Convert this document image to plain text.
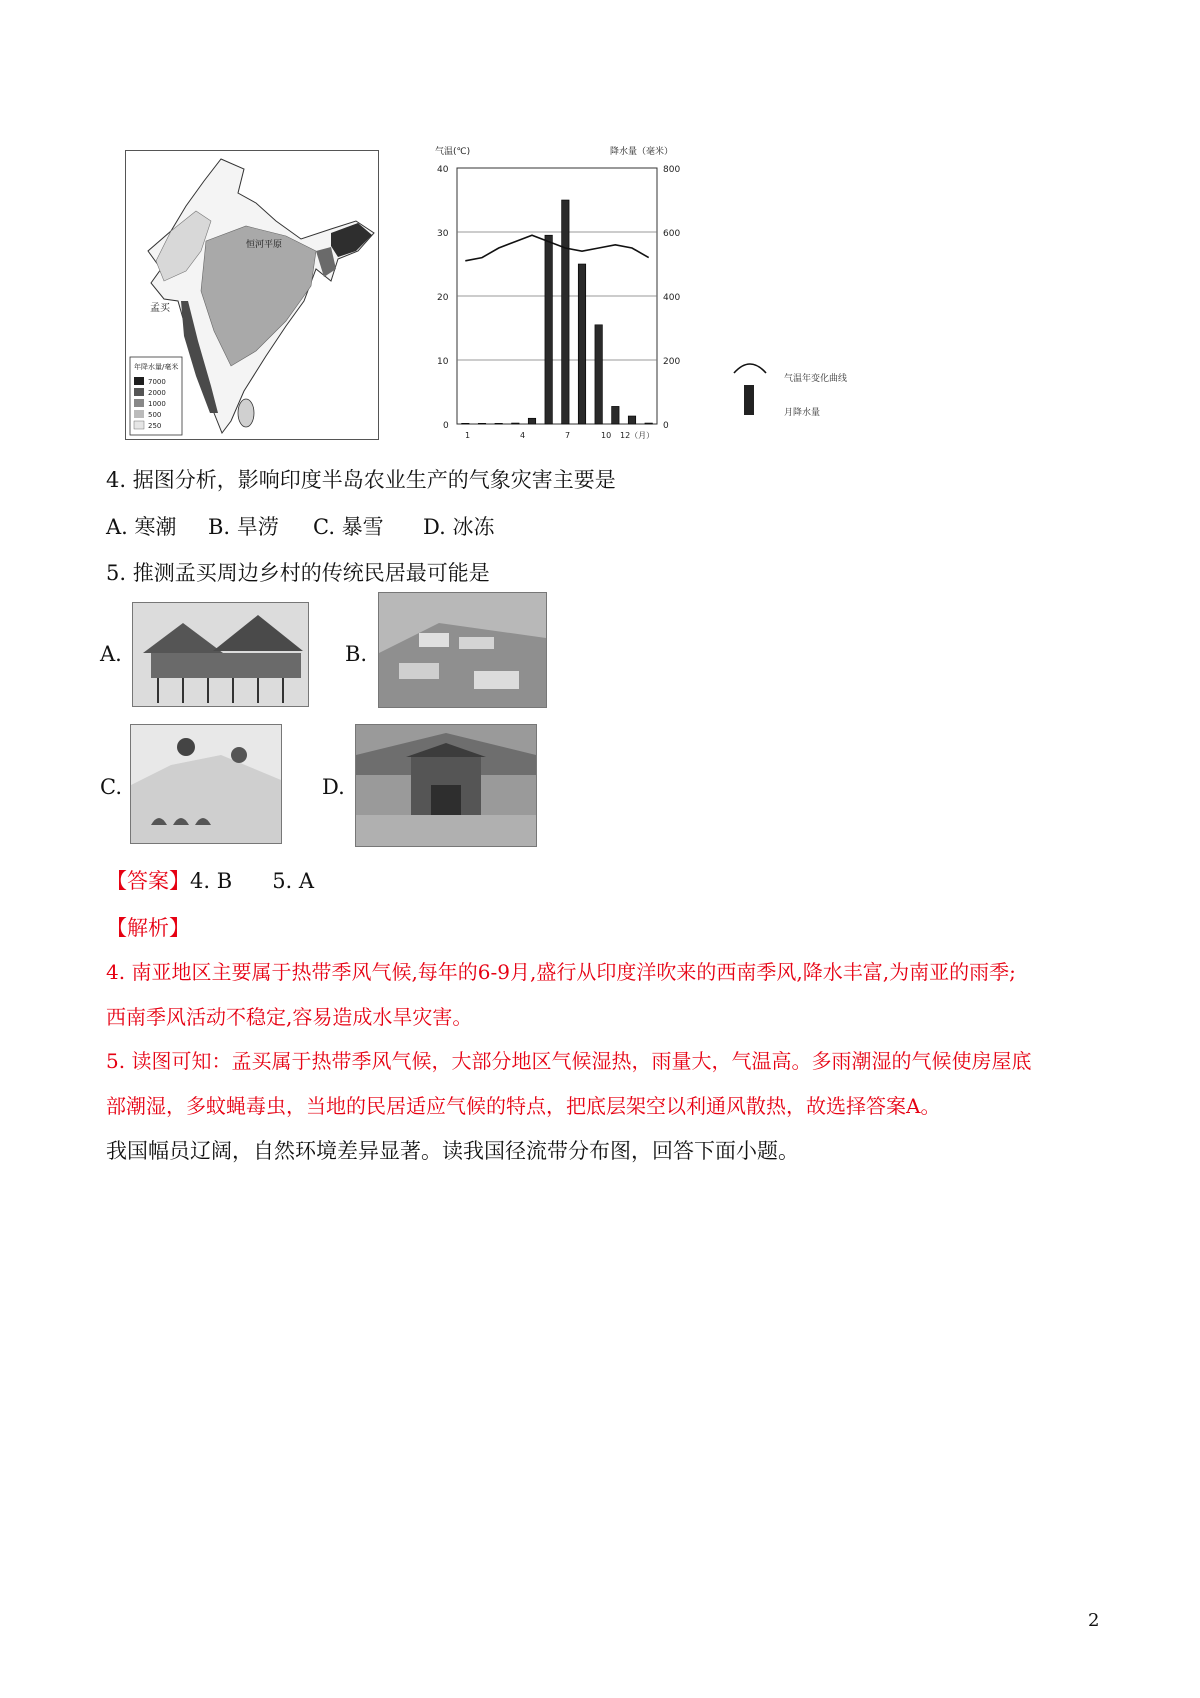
年降水量/毫米
7000
2000
1000
500
250
孟买
恒河平原
气温(℃)	降水量（毫米）
40
30
20
10
0
800
600
400
200
0
1	4	7	10 12（月）
气温年变化曲线
月降水量
4. 据图分析，影响印度半岛农业生产的气象灾害主要是
A. 寒潮 B. 旱涝 C. 暴雪 D. 冰冻
5. 推测孟买周边乡村的传统民居最可能是
A.	B.
C.	D.
【答案】4. B      5. A
【解析】
4. 南亚地区主要属于热带季风气候,每年的6-9月,盛行从印度洋吹来的西南季风,降水丰富,为南亚的雨季;
西南季风活动不稳定,容易造成水旱灾害。
5. 读图可知：孟买属于热带季风气候，大部分地区气候湿热，雨量大，气温高。多雨潮湿的气候使房屋底
部潮湿，多蚊蝇毒虫，当地的民居适应气候的特点，把底层架空以利通风散热，故选择答案A。
我国幅员辽阔，自然环境差异显著。读我国径流带分布图，回答下面小题。
2
